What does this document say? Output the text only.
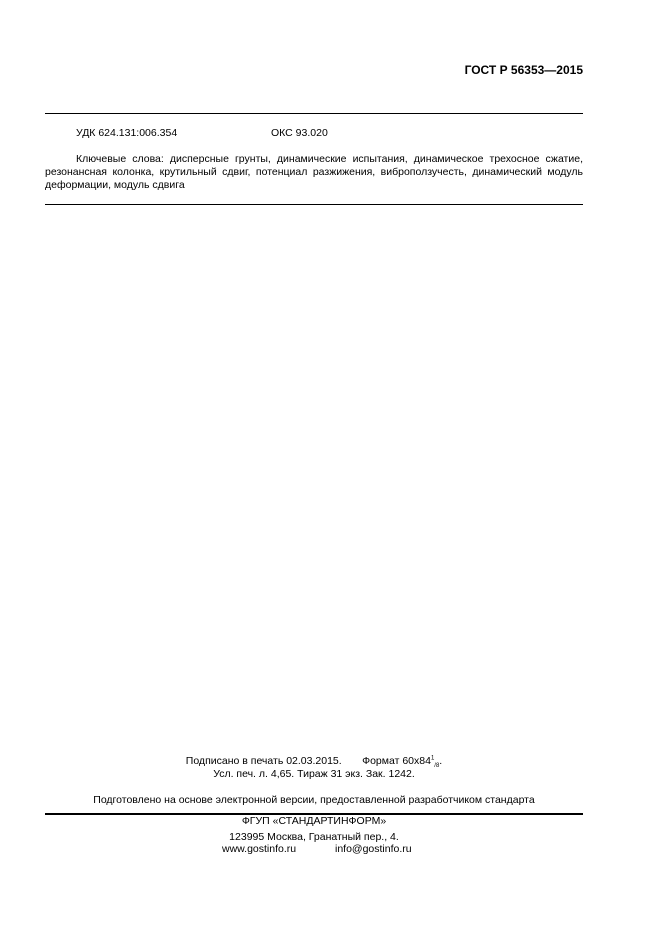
ГОСТ Р 56353—2015
УДК 624.131:006.354	ОКС 93.020
Ключевые слова: дисперсные грунты, динамические испытания, динамическое трехосное сжатие, резонансная колонка, крутильный сдвиг, потенциал разжижения, виброползучесть, динамический модуль деформации, модуль сдвига
Подписано в печать 02.03.2015. Формат $60x84^1_{/8}$.
Усл. печ. л. 4,65. Тираж 31 экз. Зак. 1242.
Подготовлено на основе электронной версии, предоставленной разработчиком стандарта
ФГУП «СТАНДАРТИНФОРМ»
123995 Москва, Гранатный пер., 4.
www.gostinfo.ru	info@gostinfo.ru
